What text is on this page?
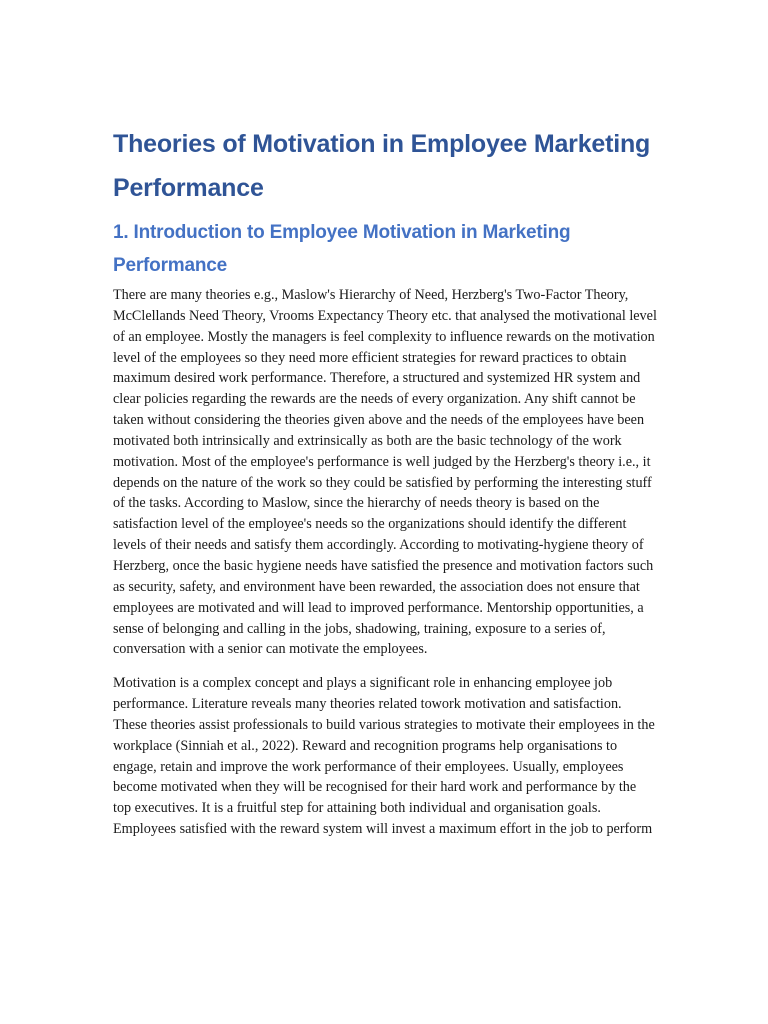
Theories of Motivation in Employee Marketing Performance
1. Introduction to Employee Motivation in Marketing Performance

There are many theories e.g., Maslow's Hierarchy of Need, Herzberg's Two-Factor Theory, McClellands Need Theory, Vrooms Expectancy Theory etc. that analysed the motivational level of an employee. Mostly the managers is feel complexity to influence rewards on the motivation level of the employees so they need more efficient strategies for reward practices to obtain maximum desired work performance. Therefore, a structured and systemized HR system and clear policies regarding the rewards are the needs of every organization. Any shift cannot be taken without considering the theories given above and the needs of the employees have been motivated both intrinsically and extrinsically as both are the basic technology of the work motivation. Most of the employee's performance is well judged by the Herzberg's theory i.e., it depends on the nature of the work so they could be satisfied by performing the interesting stuff of the tasks. According to Maslow, since the hierarchy of needs theory is based on the satisfaction level of the employee's needs so the organizations should identify the different levels of their needs and satisfy them accordingly. According to motivating-hygiene theory of Herzberg, once the basic hygiene needs have satisfied the presence and motivation factors such as security, safety, and environment have been rewarded, the association does not ensure that employees are motivated and will lead to improved performance. Mentorship opportunities, a sense of belonging and calling in the jobs, shadowing, training, exposure to a series of, conversation with a senior can motivate the employees.

Motivation is a complex concept and plays a significant role in enhancing employee job performance. Literature reveals many theories related towork motivation and satisfaction. These theories assist professionals to build various strategies to motivate their employees in the workplace (Sinniah et al., 2022). Reward and recognition programs help organisations to engage, retain and improve the work performance of their employees. Usually, employees become motivated when they will be recognised for their hard work and performance by the top executives. It is a fruitful step for attaining both individual and organisation goals. Employees satisfied with the reward system will invest a maximum effort in the job to perform
